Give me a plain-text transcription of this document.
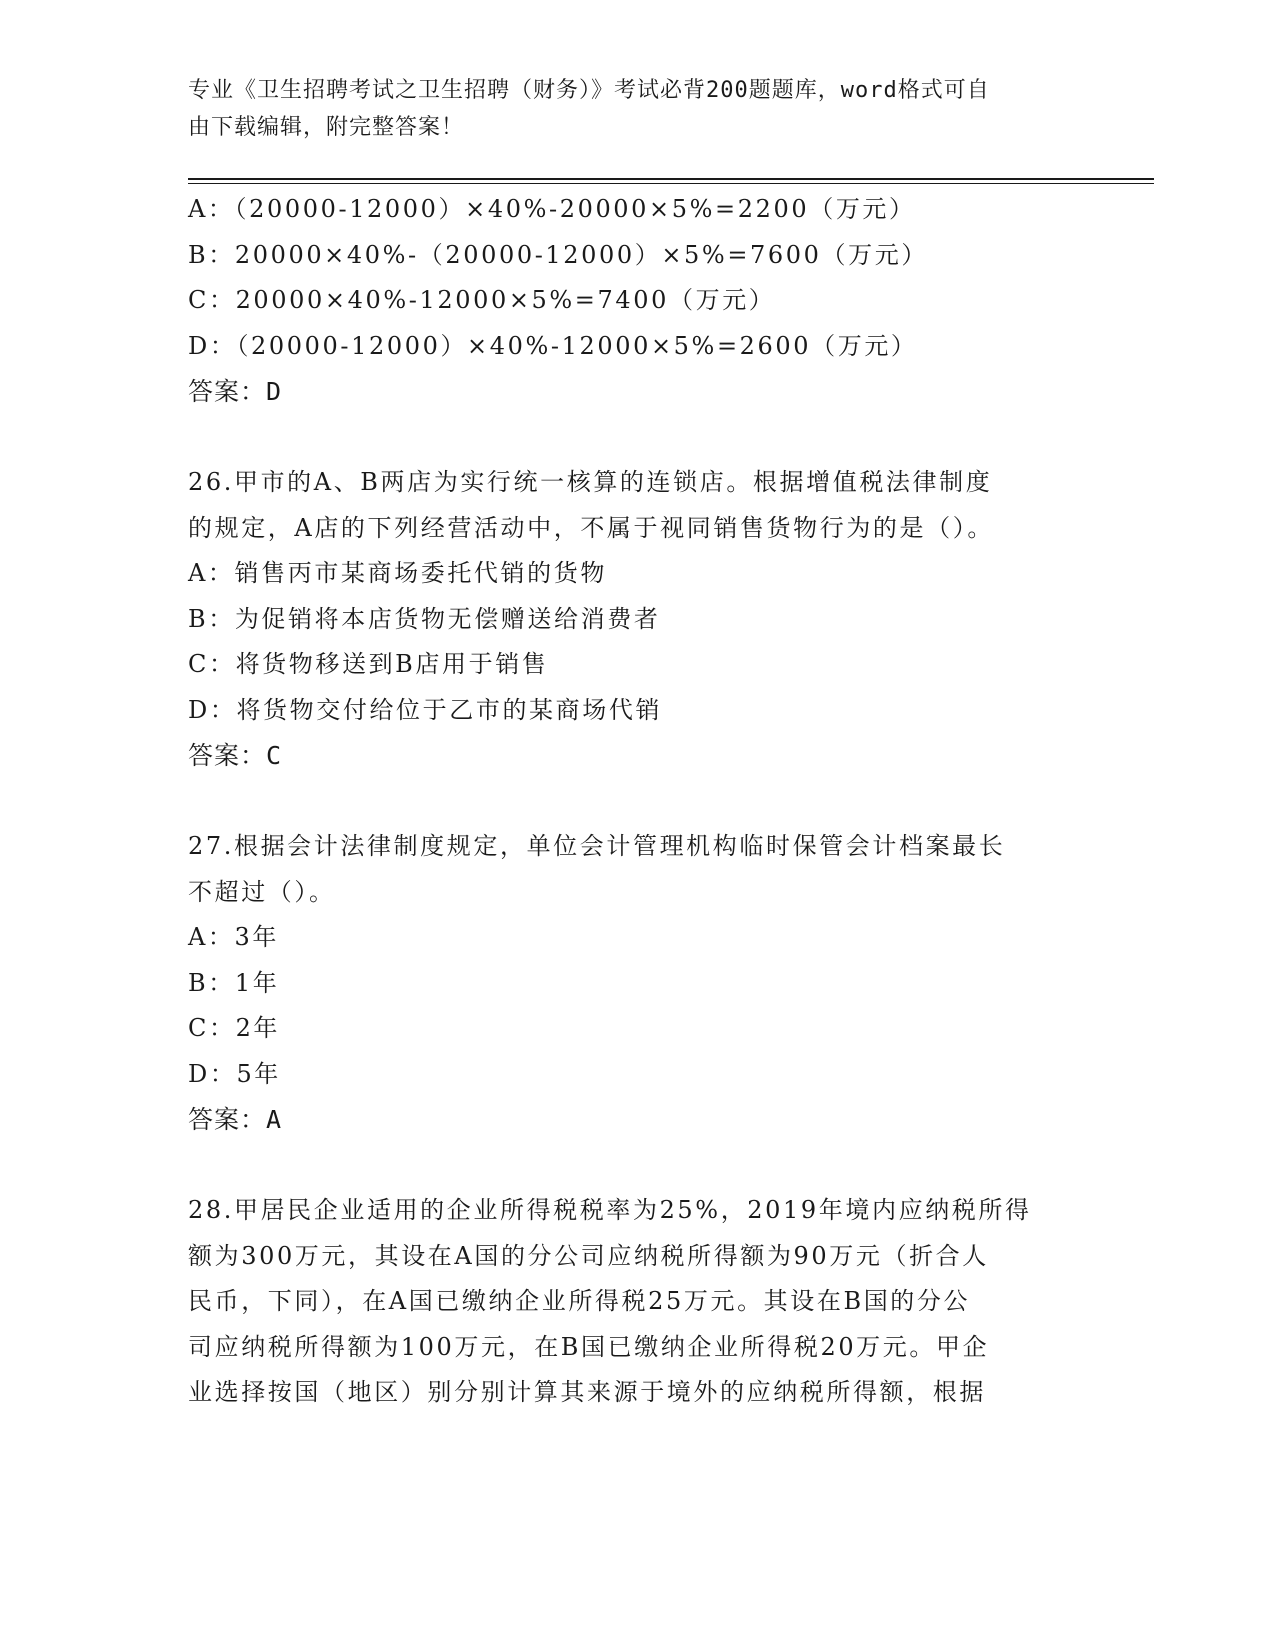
专业《卫生招聘考试之卫生招聘（财务）》考试必背200题题库，word格式可自
由下载编辑，附完整答案！
A：（20000-12000）×40%-20000×5%=2200（万元）
B：20000×40%-（20000-12000）×5%=7600（万元）
C：20000×40%-12000×5%=7400（万元）
D：（20000-12000）×40%-12000×5%=2600（万元）
答案：D
26.甲市的A、B两店为实行统一核算的连锁店。根据增值税法律制度
的规定，A店的下列经营活动中，不属于视同销售货物行为的是（）。
A：销售丙市某商场委托代销的货物
B：为促销将本店货物无偿赠送给消费者
C：将货物移送到B店用于销售
D：将货物交付给位于乙市的某商场代销
答案：C
27.根据会计法律制度规定，单位会计管理机构临时保管会计档案最长
不超过（）。
A：3年
B：1年
C：2年
D：5年
答案：A
28.甲居民企业适用的企业所得税税率为25%，2019年境内应纳税所得
额为300万元，其设在A国的分公司应纳税所得额为90万元（折合人
民币，下同），在A国已缴纳企业所得税25万元。其设在B国的分公
司应纳税所得额为100万元，在B国已缴纳企业所得税20万元。甲企
业选择按国（地区）别分别计算其来源于境外的应纳税所得额，根据
